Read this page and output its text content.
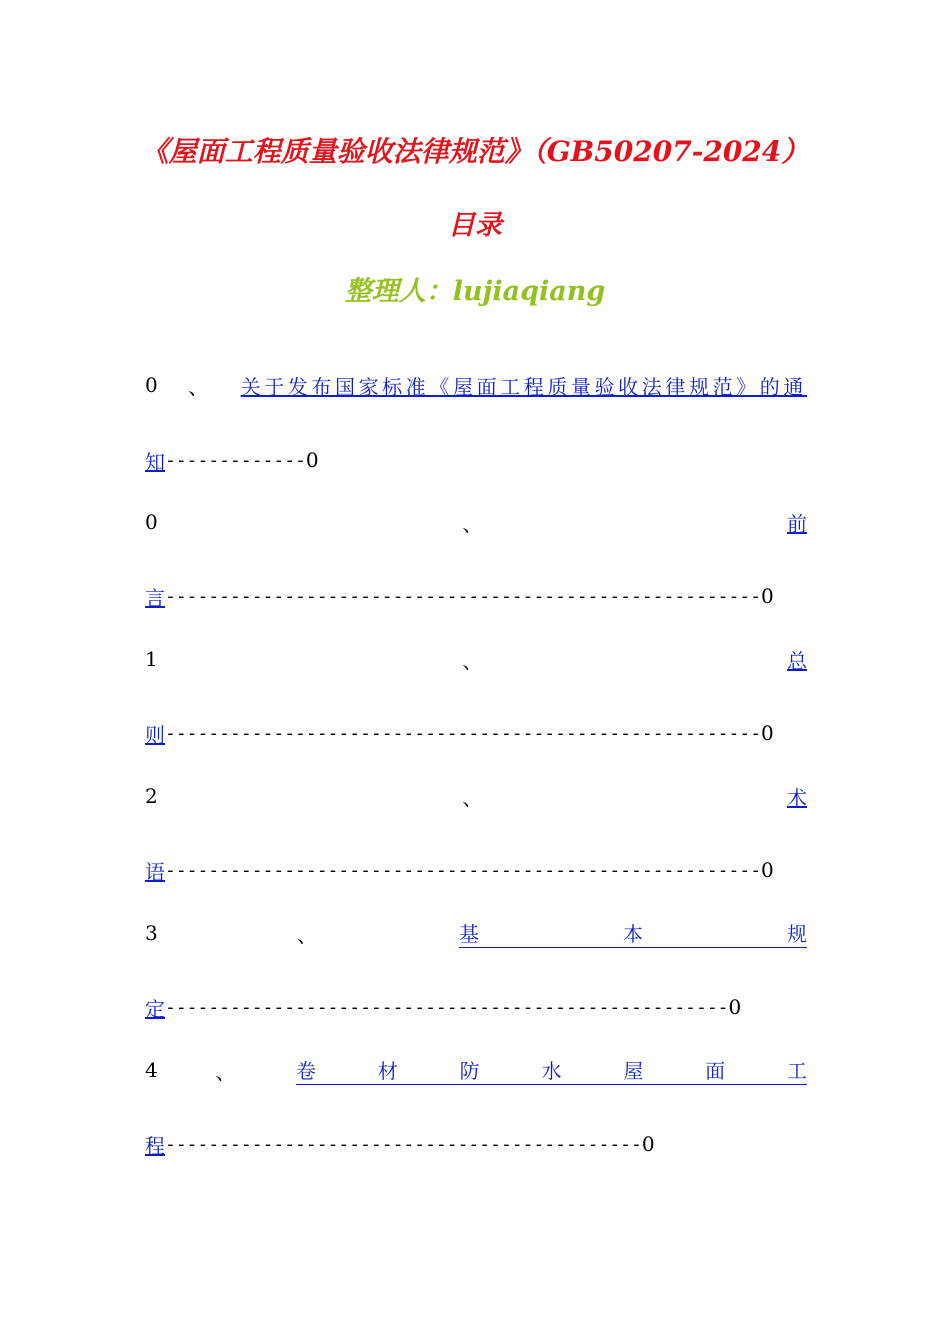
《屋面工程质量验收法律规范》（GB50207-2024）
目录
整理人：lujiaqiang
0 、 关于发布国家标准《屋面工程质量验收法律规范》的通
知 ------------- 0
0	、	前
言 ------------------------------------------------------- 0
1	、	总
则 ------------------------------------------------------- 0
2	、	术
语 ------------------------------------------------------- 0
3	、	基	本	规
定 ---------------------------------------------------- 0
4	、	卷	材	防	水	屋	面	工
程 -------------------------------------------- 0
